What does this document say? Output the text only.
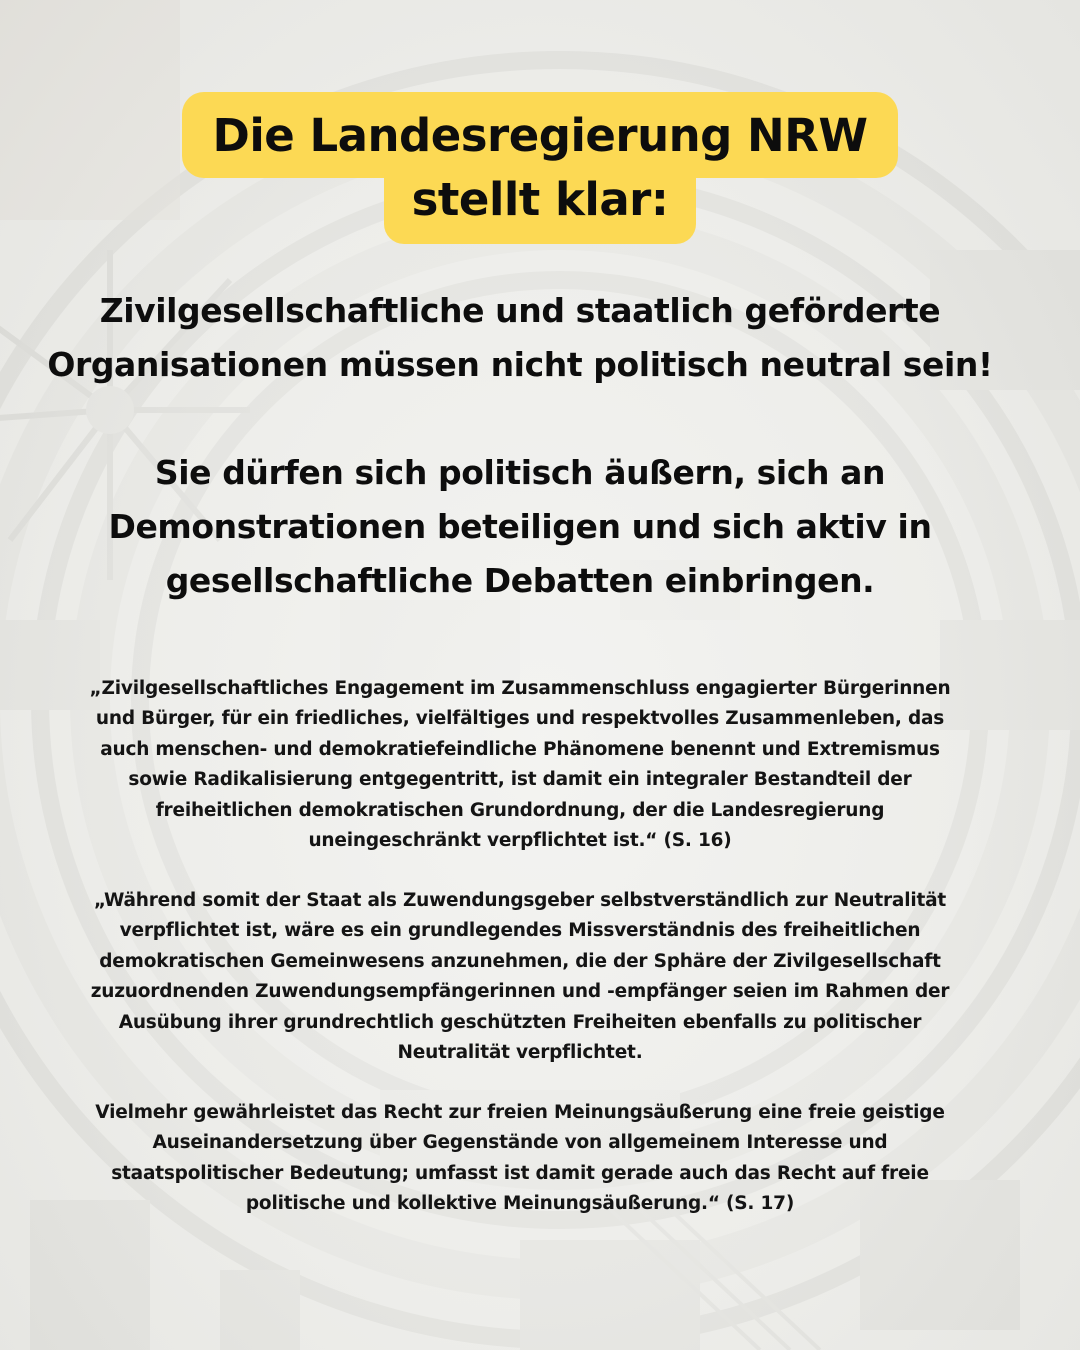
Die Landesregierung NRW
stellt klar:
Zivilgesellschaftliche und staatlich geförderte
Organisationen müssen nicht politisch neutral sein!
Sie dürfen sich politisch äußern, sich an
Demonstrationen beteiligen und sich aktiv in
gesellschaftliche Debatten einbringen.
„Zivilgesellschaftliches Engagement im Zusammenschluss engagierter Bürgerinnen
und Bürger, für ein friedliches, vielfältiges und respektvolles Zusammenleben, das
auch menschen- und demokratiefeindliche Phänomene benennt und Extremismus
sowie Radikalisierung entgegentritt, ist damit ein integraler Bestandteil der
freiheitlichen demokratischen Grundordnung, der die Landesregierung
uneingeschränkt verpflichtet ist.“ (S. 16)
„Während somit der Staat als Zuwendungsgeber selbstverständlich zur Neutralität
verpflichtet ist, wäre es ein grundlegendes Missverständnis des freiheitlichen
demokratischen Gemeinwesens anzunehmen, die der Sphäre der Zivilgesellschaft
zuzuordnenden Zuwendungsempfängerinnen und -empfänger seien im Rahmen der
Ausübung ihrer grundrechtlich geschützten Freiheiten ebenfalls zu politischer
Neutralität verpflichtet.
Vielmehr gewährleistet das Recht zur freien Meinungsäußerung eine freie geistige
Auseinandersetzung über Gegenstände von allgemeinem Interesse und
staatspolitischer Bedeutung; umfasst ist damit gerade auch das Recht auf freie
politische und kollektive Meinungsäußerung.“ (S. 17)
